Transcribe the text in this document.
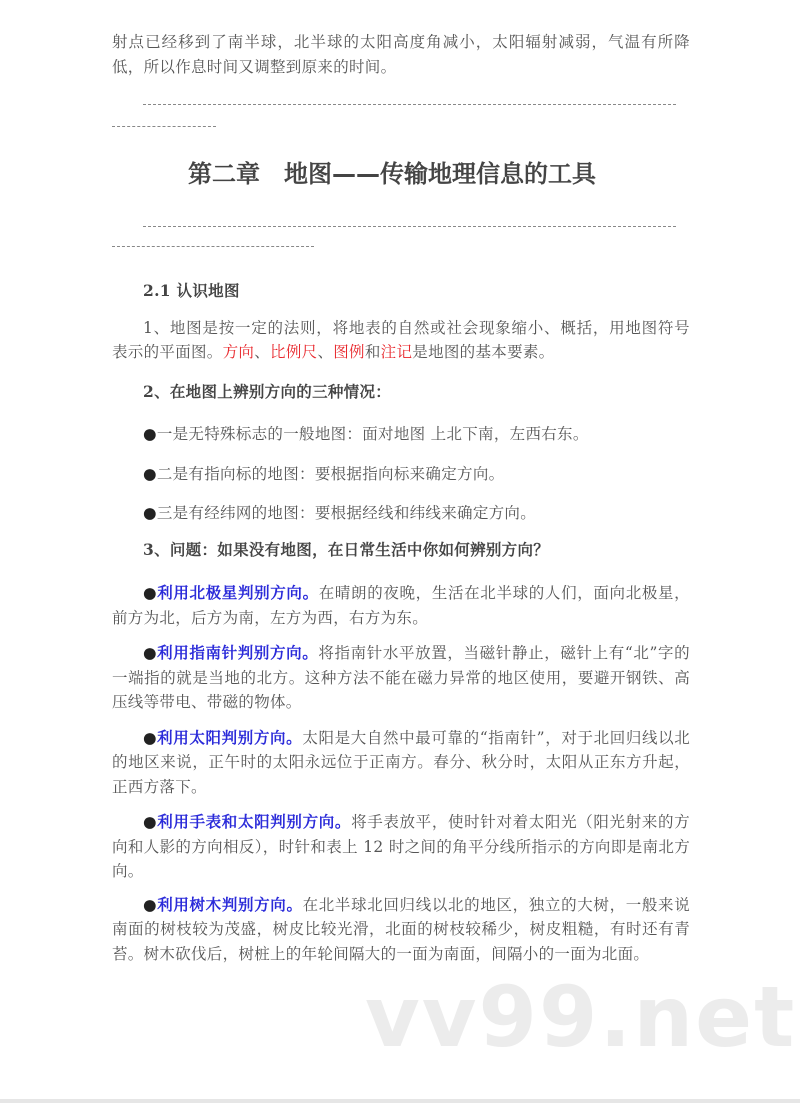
射点已经移到了南半球，北半球的太阳高度角减小，太阳辐射减弱，气温有所降低，所以作息时间又调整到原来的时间。
第二章　地图——传输地理信息的工具
2.1 认识地图
1、地图是按一定的法则，将地表的自然或社会现象缩小、概括，用地图符号表示的平面图。方向、比例尺、图例和注记是地图的基本要素。
2、在地图上辨别方向的三种情况：
●一是无特殊标志的一般地图：面对地图 上北下南，左西右东。
●二是有指向标的地图：要根据指向标来确定方向。
●三是有经纬网的地图：要根据经线和纬线来确定方向。
3、问题：如果没有地图，在日常生活中你如何辨别方向？
●利用北极星判别方向。在晴朗的夜晚，生活在北半球的人们，面向北极星，前方为北，后方为南，左方为西，右方为东。
●利用指南针判别方向。将指南针水平放置，当磁针静止，磁针上有“北”字的一端指的就是当地的北方。这种方法不能在磁力异常的地区使用，要避开钢铁、高压线等带电、带磁的物体。
●利用太阳判别方向。太阳是大自然中最可靠的“指南针”，对于北回归线以北的地区来说，正午时的太阳永远位于正南方。春分、秋分时，太阳从正东方升起，正西方落下。
●利用手表和太阳判别方向。将手表放平，使时针对着太阳光（阳光射来的方向和人影的方向相反），时针和表上 12 时之间的角平分线所指示的方向即是南北方向。
●利用树木判别方向。在北半球北回归线以北的地区，独立的大树，一般来说南面的树枝较为茂盛，树皮比较光滑，北面的树枝较稀少，树皮粗糙，有时还有青苔。树木砍伐后，树桩上的年轮间隔大的一面为南面，间隔小的一面为北面。
vv99.net
